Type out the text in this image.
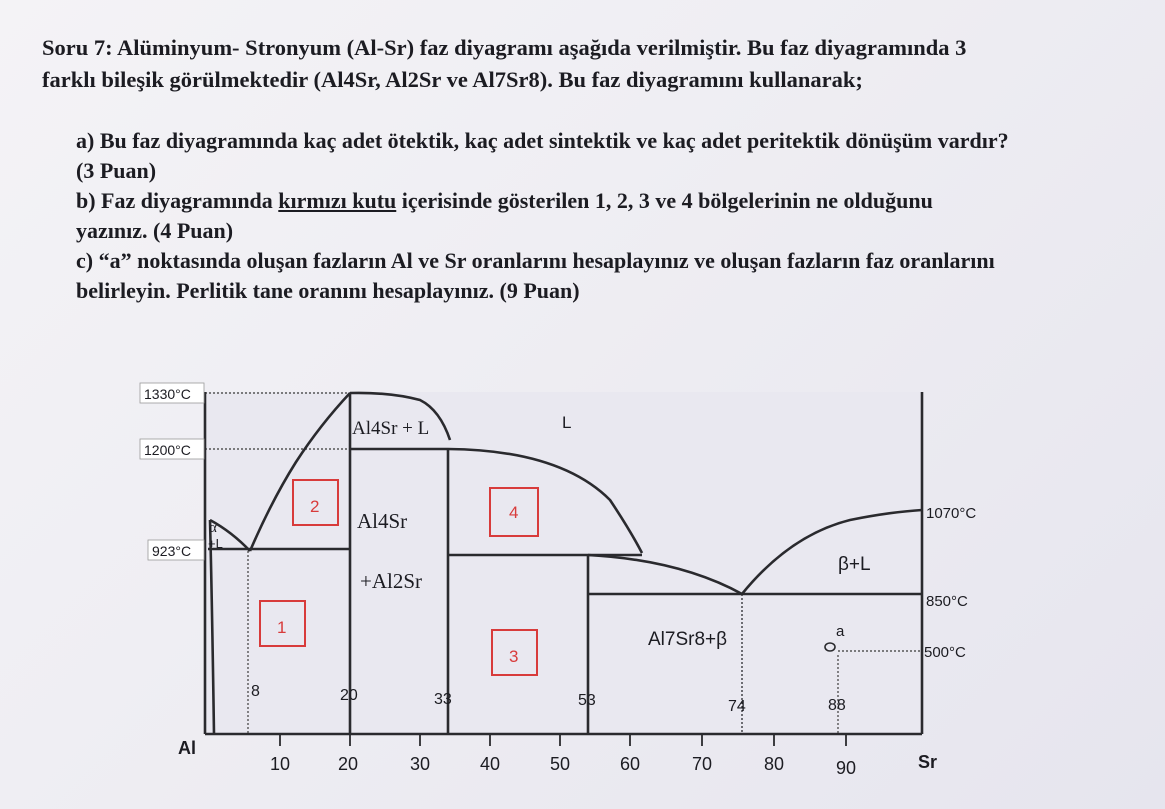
Soru 7: Alüminyum- Stronyum (Al-Sr) faz diyagramı aşağıda verilmiştir. Bu faz diyagramında 3
farklı bileşik görülmektedir (Al4Sr, Al2Sr ve Al7Sr8). Bu faz diyagramını kullanarak;

a) Bu faz diyagramında kaç adet ötektik, kaç adet sintektik ve kaç adet peritektik dönüşüm vardır?
(3 Puan)
b) Faz diyagramında kırmızı kutu içerisinde gösterilen 1, 2, 3 ve 4 bölgelerinin ne olduğunu
yazınız. (4 Puan)
c) “a” noktasında oluşan fazların Al ve Sr oranlarını hesaplayınız ve oluşan fazların faz oranlarını
belirleyin. Perlitik tane oranını hesaplayınız. (9 Puan)
1330°C
1200°C
923°C
1070°C
850°C
500°C
Al
Sr
10	20	30	40	50	60	70	80	90
8	20	33	53	74	88
L
Al4Sr + L
Al4Sr
+Al2Sr
Al7Sr8+β
β+L
α
+L
a
1
2
3
4
